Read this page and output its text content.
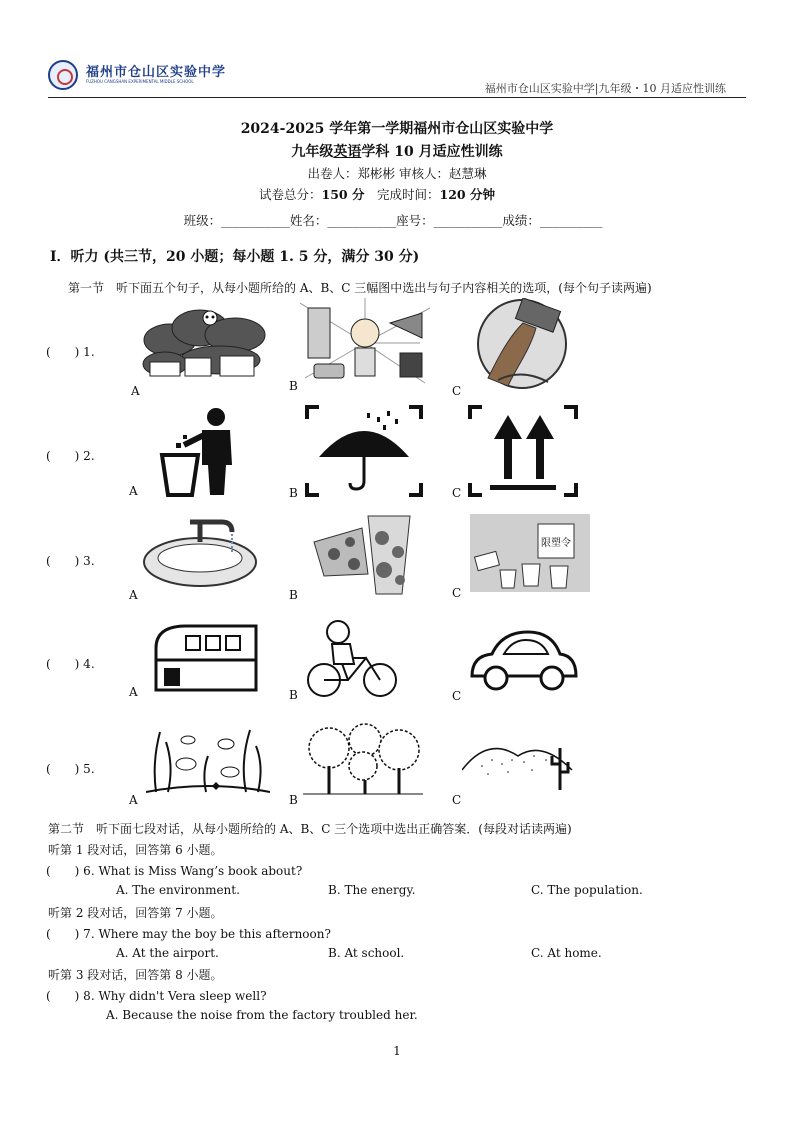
福州市仓山区实验中学
FUZHOU CANGSHAN EXPERIMENTAL MIDDLE SCHOOL
福州市仓山区实验中学|九年级・10 月适应性训练
2024-2025 学年第一学期福州市仓山区实验中学
九年级英语学科 10 月适应性训练
出卷人：郑彬彬 审核人：赵慧琳
试卷总分：150 分　 完成时间：120 分钟
班级：___________姓名：___________座号：___________成绩：__________
I．听力 (共三节，20 小题；每小题 1. 5 分，满分 30 分)
第一节　听下面五个句子，从每小题所给的 A、B、C 三幅图中选出与句子内容相关的选项，(每个句子读两遍)
(　　) 1.
A	B	C
(　　) 2.
A	B	C
(　　) 3.
A	B
限塑令
C
(　　) 4.
A	B	C
(　　) 5.
A	B	C
第二节　听下面七段对话，从每小题所给的 A、B、C 三个选项中选出正确答案．(每段对话读两遍)
听第 1 段对话，回答第 6 小题。
(　　) 6. What is Miss Wang’s book about?
A. The environment.	B. The energy.	C. The population.
听第 2 段对话，回答第 7 小题。
(　　) 7. Where may the boy be this afternoon?
A. At the airport.	B. At school.	C. At home.
听第 3 段对话，回答第 8 小题。
(　　) 8. Why didn't Vera sleep well?
A. Because the noise from the factory troubled her.
1
